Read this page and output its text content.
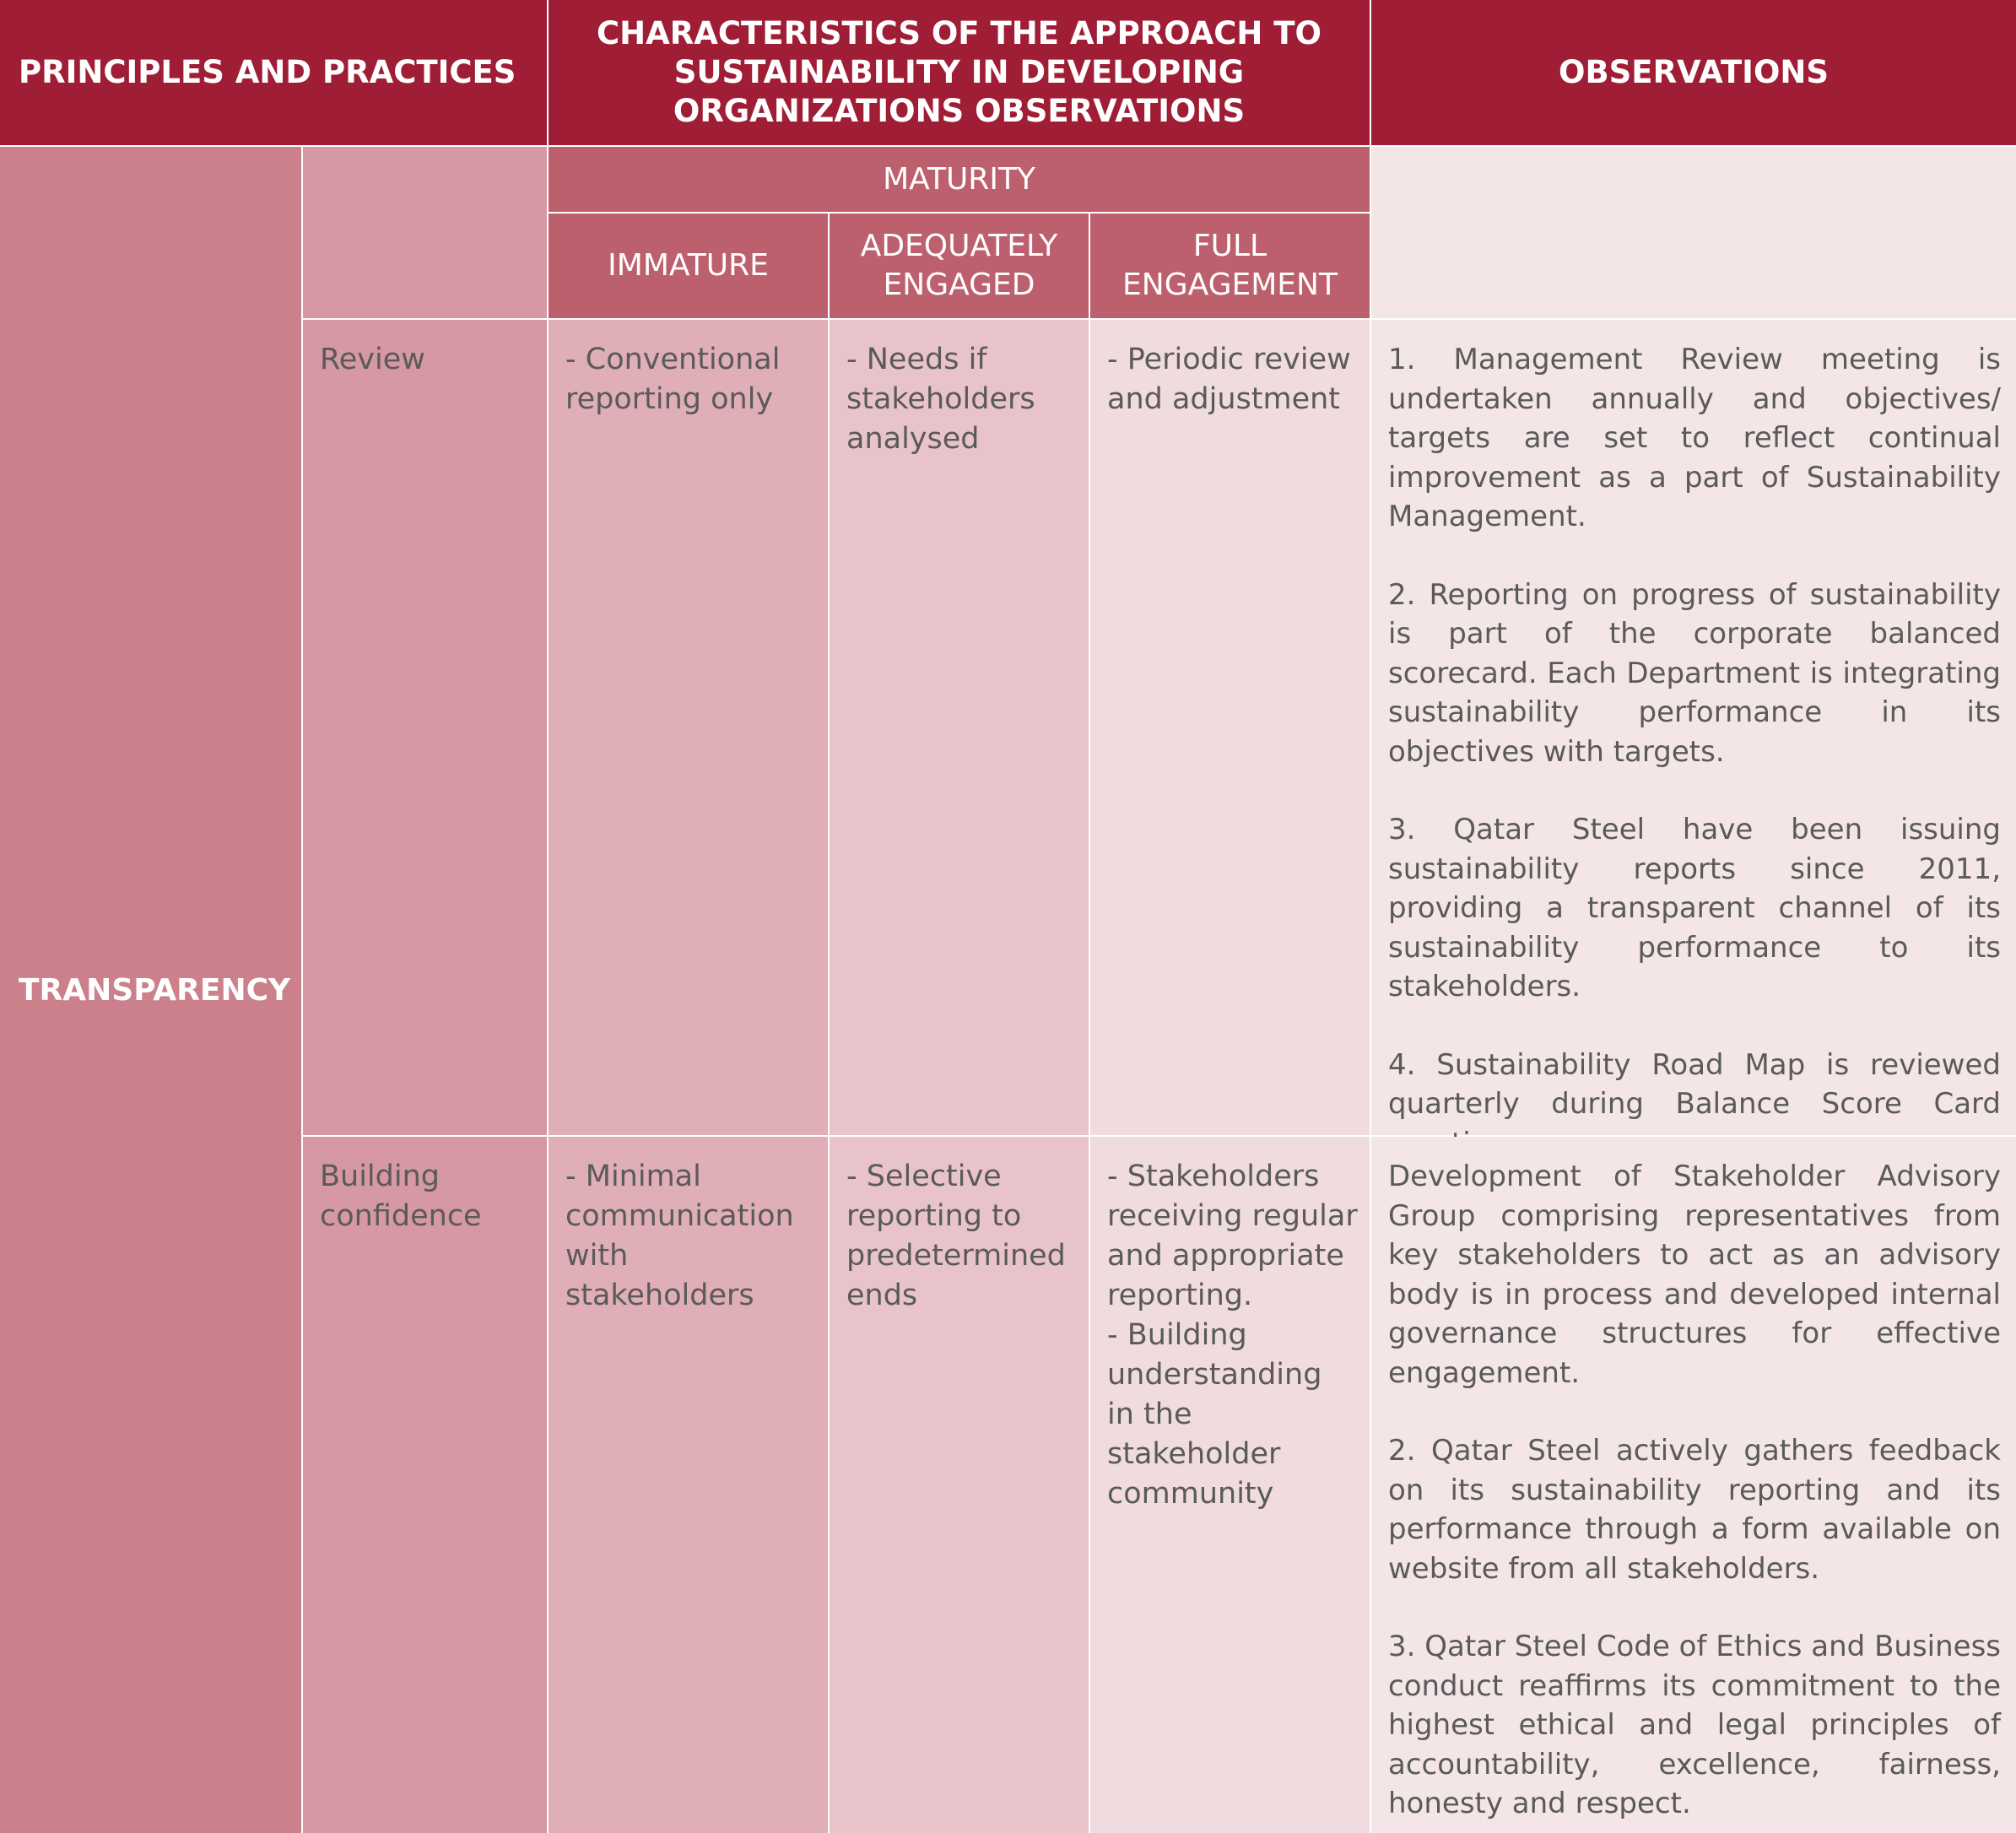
PRINCIPLES AND PRACTICES
CHARACTERISTICS OF THE APPROACH TO SUSTAINABILITY IN DEVELOPING ORGANIZATIONS OBSERVATIONS
OBSERVATIONS
TRANSPARENCY
MATURITY
IMMATURE
ADEQUATELY ENGAGED
FULL ENGAGEMENT
Review	- Conventional reporting only
- Needs if stakeholders analysed
- Periodic review and adjustment

1. Management Review meeting is undertaken annually and objectives/ targets are set to reflect continual improvement as a part of Sustainability Management.

2. Reporting on progress of sustainability is part of the corporate balanced scorecard. Each Department is integrating sustainability performance in its objectives with targets.

3. Qatar Steel have been issuing sustainability reports since 2011, providing a transparent channel of its sustainability performance to its stakeholders.

4. Sustainability Road Map is reviewed quarterly during Balance Score Card

Building confidence
- Minimal communication with stakeholders
- Selective reporting to predetermined ends
- Stakeholders receiving regular and appropriate reporting.
- Building understanding in the stakeholder community

Development of Stakeholder Advisory Group comprising representatives from key stakeholders to act as an advisory body is in process and developed internal governance structures for effective engagement.

2. Qatar Steel actively gathers feedback on its sustainability reporting and its performance through a form available on website from all stakeholders.

3. Qatar Steel Code of Ethics and Business conduct reaffirms its commitment to the highest ethical and legal principles of accountability, excellence, fairness, honesty and respect.
